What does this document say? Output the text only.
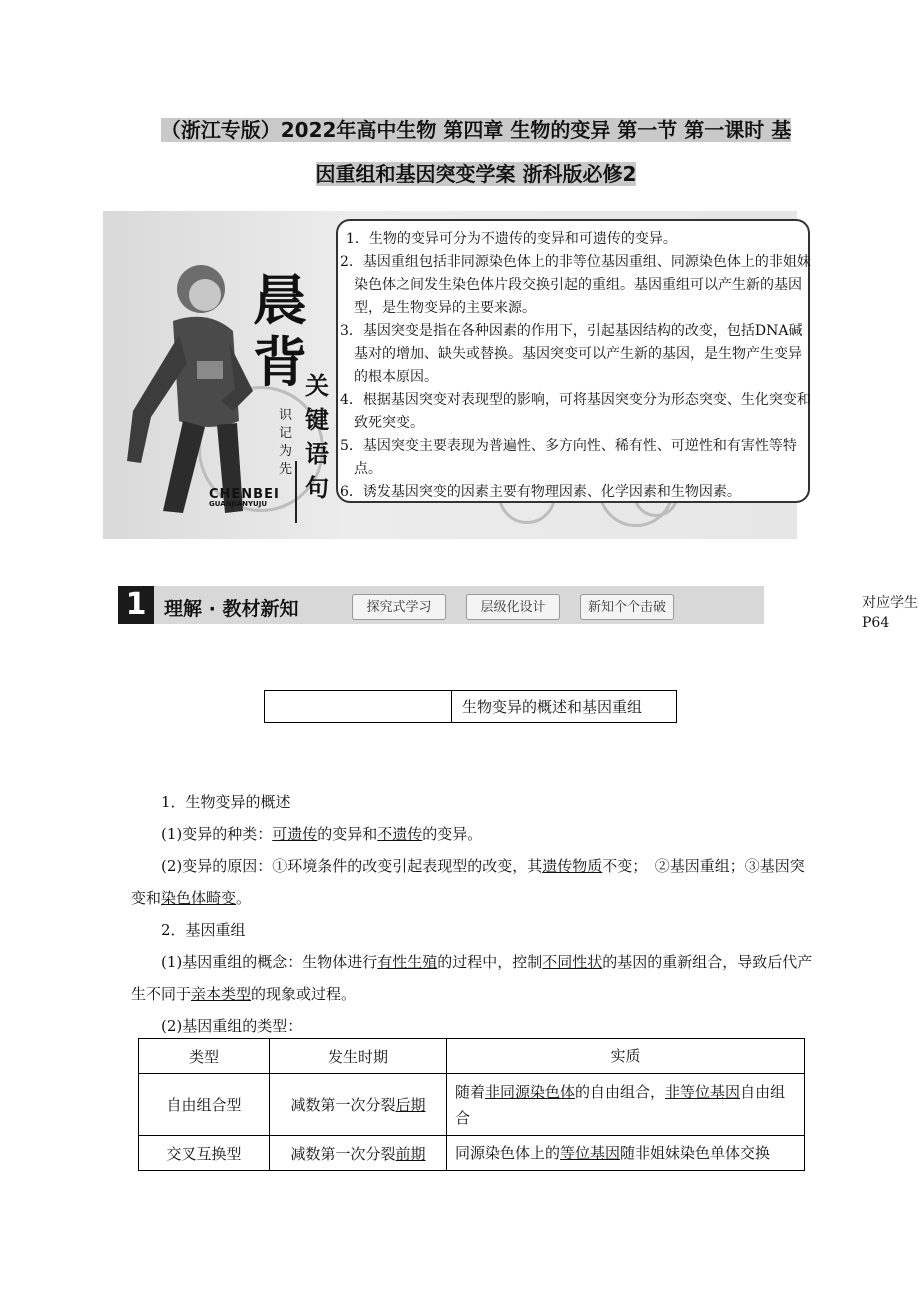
（浙江专版）2022年高中生物 第四章 生物的变异 第一节 第一课时 基
因重组和基因突变学案 浙科版必修2
晨
背
关键语句
识记为先
CHENBEI
GUANJIANYUJU

1．生物的变异可分为不遗传的变异和可遗传的变异。

2．基因重组包括非同源染色体上的非等位基因重组、同源染色体上的非姐妹染色体之间发生染色体片段交换引起的重组。基因重组可以产生新的基因型，是生物变异的主要来源。

3．基因突变是指在各种因素的作用下，引起基因结构的改变，包括DNA碱基对的增加、缺失或替换。基因突变可以产生新的基因，是生物产生变异的根本原因。

4．根据基因突变对表现型的影响，可将基因突变分为形态突变、生化突变和致死突变。

5．基因突变主要表现为普遍性、多方向性、稀有性、可逆性和有害性等特点。

6．诱发基因突变的因素主要有物理因素、化学因素和生物因素。

1 理解 · 教材新知	探究式学习	层级化设计	新知个个击破	对应学生
P64
	生物变异的概述和基因重组

1．生物变异的概述

(1)变异的种类：可遗传的变异和不遗传的变异。

(2)变异的原因：①环境条件的改变引起表现型的改变，其遗传物质不变；　②基因重组；③基因突变和染色体畸变。

2．基因重组

(1)基因重组的概念：生物体进行有性生殖的过程中，控制不同性状的基因的重新组合，导致后代产生不同于亲本类型的现象或过程。

(2)基因重组的类型：

类型	发生时期	实质
自由组合型	减数第一次分裂后期	随着非同源染色体的自由组合，非等位基因自由组合
交叉互换型	减数第一次分裂前期	同源染色体上的等位基因随非姐妹染色单体交换
